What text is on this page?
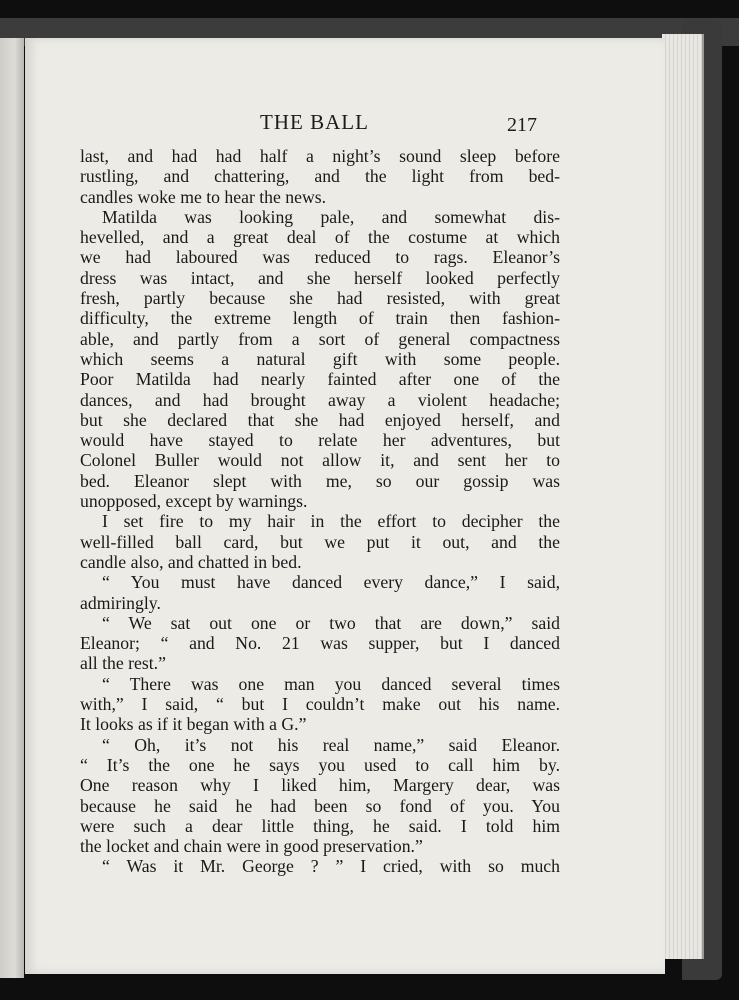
THE BALL	217
last, and had had half a night’s sound sleep before
rustling, and chattering, and the light from bed-
candles woke me to hear the news.
Matilda was looking pale, and somewhat dis-
hevelled, and a great deal of the costume at which
we had laboured was reduced to rags. Eleanor’s
dress was intact, and she herself looked perfectly
fresh, partly because she had resisted, with great
difficulty, the extreme length of train then fashion-
able, and partly from a sort of general compactness
which seems a natural gift with some people.
Poor Matilda had nearly fainted after one of the
dances, and had brought away a violent headache;
but she declared that she had enjoyed herself, and
would have stayed to relate her adventures, but
Colonel Buller would not allow it, and sent her to
bed. Eleanor slept with me, so our gossip was
unopposed, except by warnings.
I set fire to my hair in the effort to decipher the
well-filled ball card, but we put it out, and the
candle also, and chatted in bed.
“ You must have danced every dance,” I said,
admiringly.
“ We sat out one or two that are down,” said
Eleanor; “ and No. 21 was supper, but I danced
all the rest.”
“ There was one man you danced several times
with,” I said, “ but I couldn’t make out his name.
It looks as if it began with a G.”
“ Oh, it’s not his real name,” said Eleanor.
“ It’s the one he says you used to call him by.
One reason why I liked him, Margery dear, was
because he said he had been so fond of you. You
were such a dear little thing, he said. I told him
the locket and chain were in good preservation.”
“ Was it Mr. George ? ” I cried, with so much
